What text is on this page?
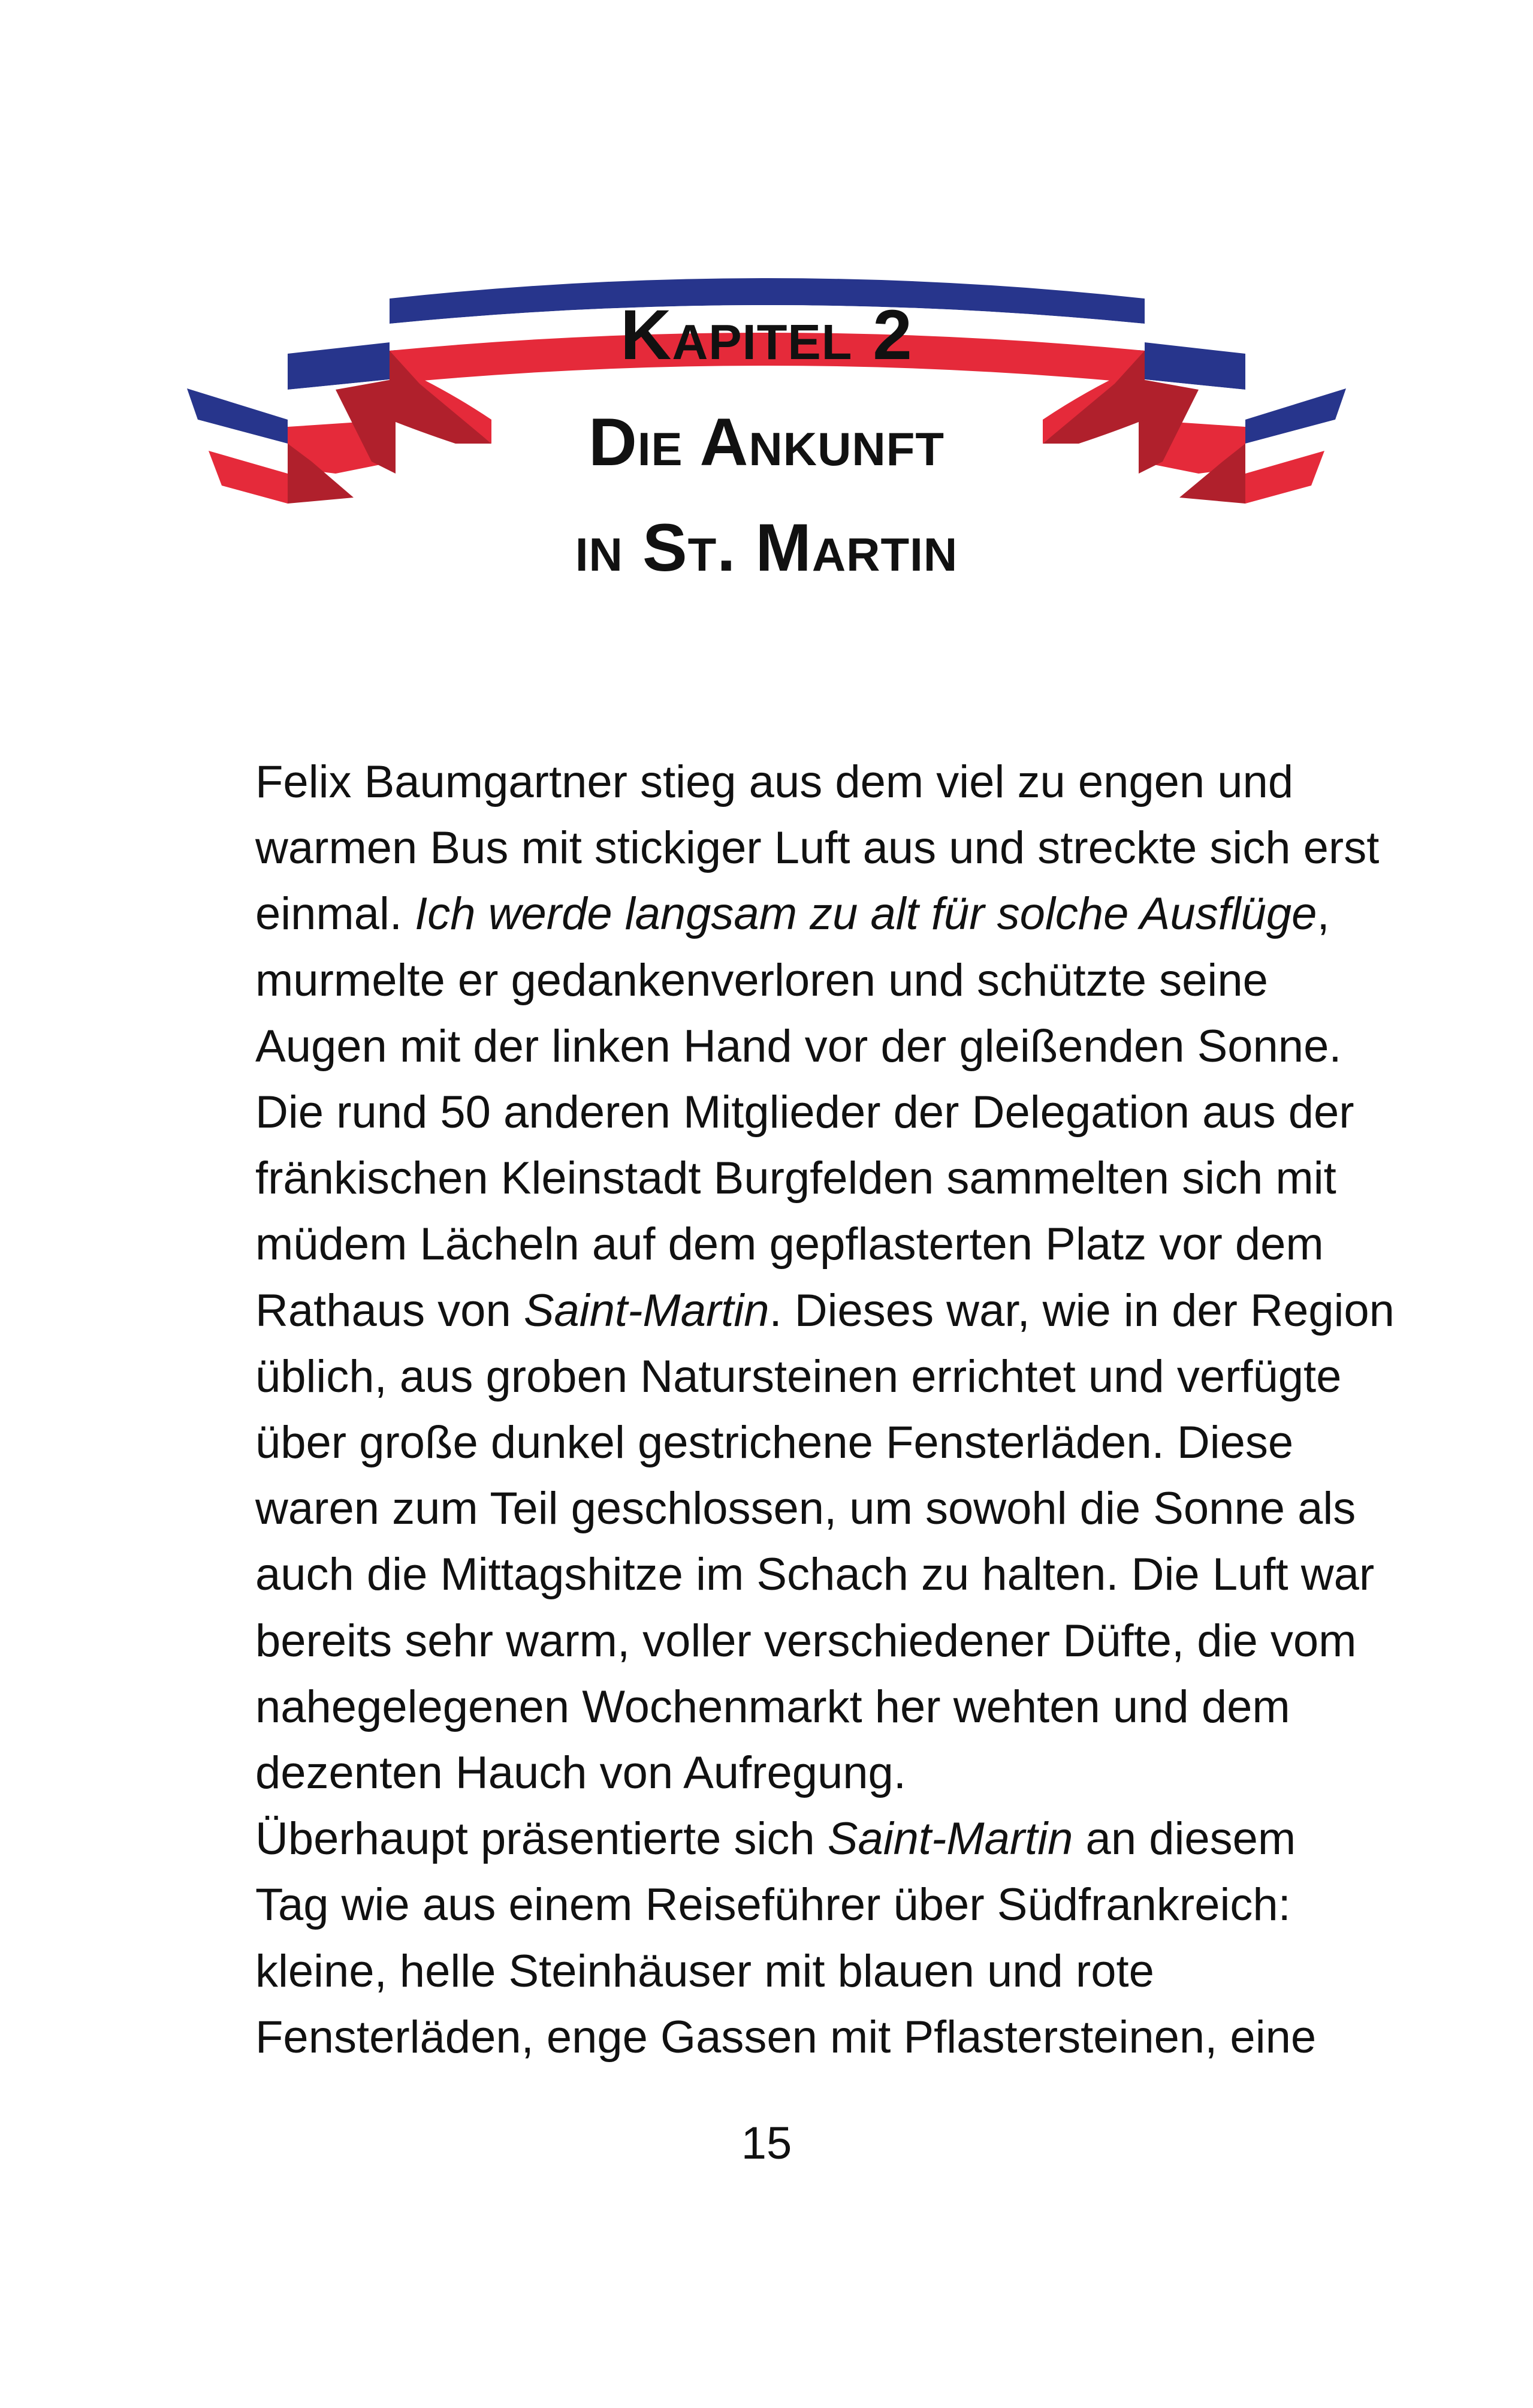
Kapitel 2
Die Ankunft
in St. Martin

Felix Baumgartner stieg aus dem viel zu engen und
warmen Bus mit stickiger Luft aus und streckte sich erst
einmal. Ich werde langsam zu alt für solche Ausflüge,
murmelte er gedankenverloren und schützte seine
Augen mit der linken Hand vor der gleißenden Sonne.
Die rund 50 anderen Mitglieder der Delegation aus der
fränkischen Kleinstadt Burgfelden sammelten sich mit
müdem Lächeln auf dem gepflasterten Platz vor dem
Rathaus von Saint-Martin. Dieses war, wie in der Region
üblich, aus groben Natursteinen errichtet und verfügte
über große dunkel gestrichene Fensterläden. Diese
waren zum Teil geschlossen, um sowohl die Sonne als
auch die Mittagshitze im Schach zu halten. Die Luft war
bereits sehr warm, voller verschiedener Düfte, die vom
nahegelegenen Wochenmarkt her wehten und dem
dezenten Hauch von Aufregung.

Überhaupt präsentierte sich Saint-Martin an diesem
Tag wie aus einem Reiseführer über Südfrankreich:
kleine, helle Steinhäuser mit blauen und rote
Fensterläden, enge Gassen mit Pflastersteinen, eine

15
